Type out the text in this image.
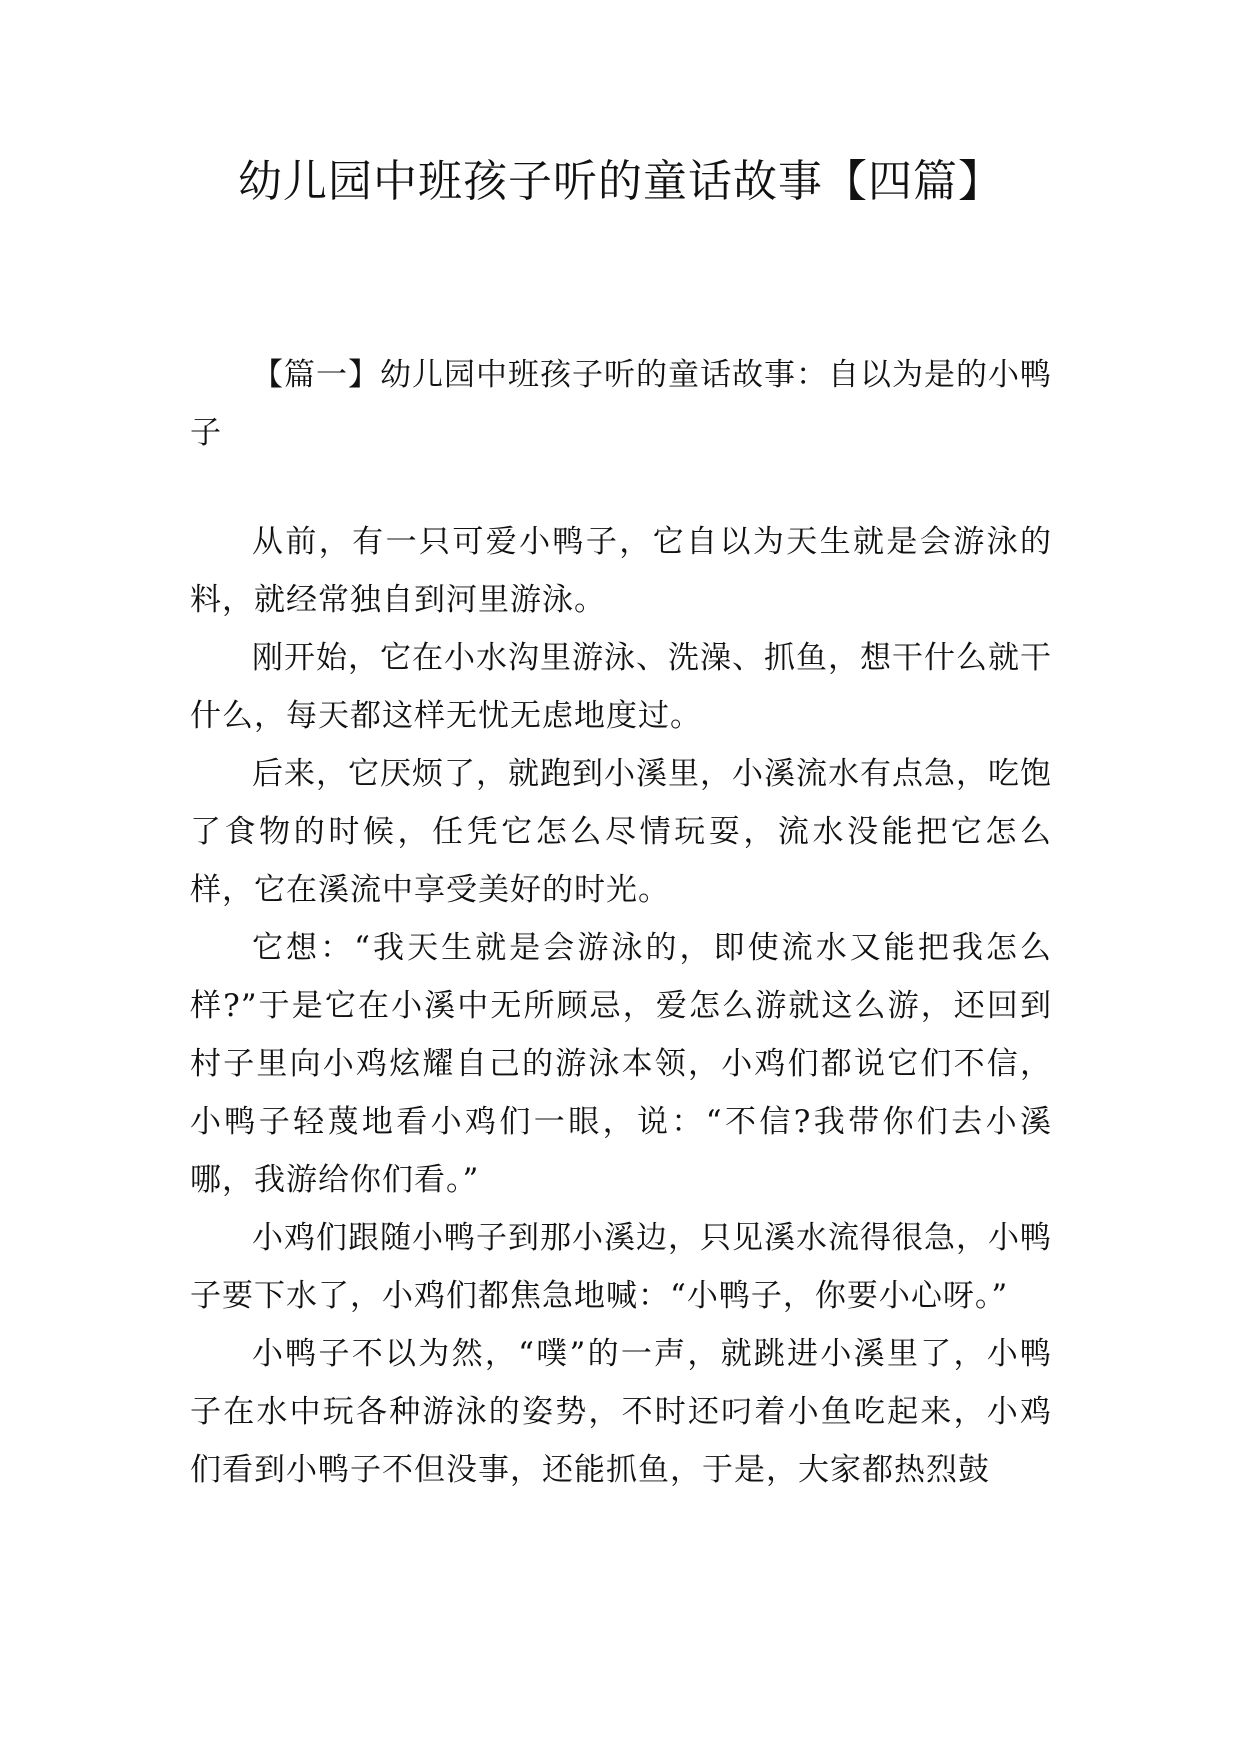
幼儿园中班孩子听的童话故事【四篇】

【篇一】幼儿园中班孩子听的童话故事：自以为是的小鸭子

从前，有一只可爱小鸭子，它自以为天生就是会游泳的料，就经常独自到河里游泳。

刚开始，它在小水沟里游泳、洗澡、抓鱼，想干什么就干什么，每天都这样无忧无虑地度过。

后来，它厌烦了，就跑到小溪里，小溪流水有点急，吃饱了食物的时候，任凭它怎么尽情玩耍，流水没能把它怎么样，它在溪流中享受美好的时光。

它想：“我天生就是会游泳的，即使流水又能把我怎么样?”于是它在小溪中无所顾忌，爱怎么游就这么游，还回到村子里向小鸡炫耀自己的游泳本领，小鸡们都说它们不信，小鸭子轻蔑地看小鸡们一眼，说：“不信?我带你们去小溪哪，我游给你们看。”

小鸡们跟随小鸭子到那小溪边，只见溪水流得很急，小鸭子要下水了，小鸡们都焦急地喊：“小鸭子，你要小心呀。”

小鸭子不以为然，“噗”的一声，就跳进小溪里了，小鸭子在水中玩各种游泳的姿势，不时还叼着小鱼吃起来，小鸡们看到小鸭子不但没事，还能抓鱼，于是，大家都热烈鼓
